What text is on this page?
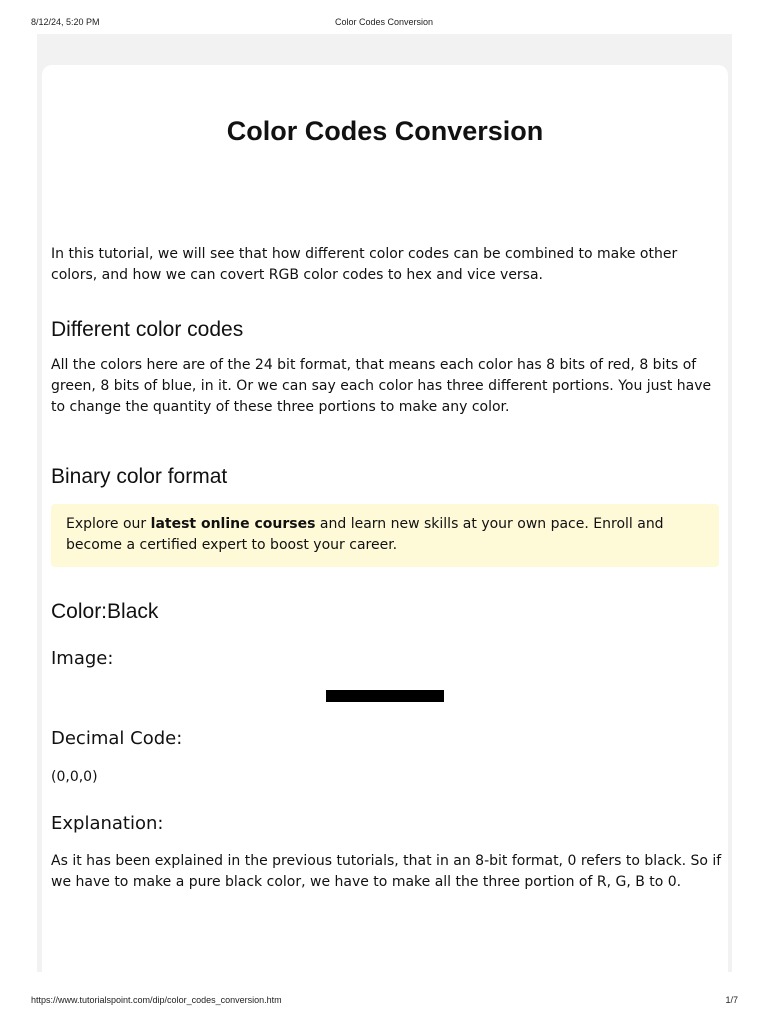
8/12/24, 5:20 PM	Color Codes Conversion
Color Codes Conversion

In this tutorial, we will see that how different color codes can be combined to make other colors, and how we can covert RGB color codes to hex and vice versa.

Different color codes

All the colors here are of the 24 bit format, that means each color has 8 bits of red, 8 bits of green, 8 bits of blue, in it. Or we can say each color has three different portions. You just have to change the quantity of these three portions to make any color.

Binary color format
Explore our latest online courses and learn new skills at your own pace. Enroll and become a certified expert to boost your career.
Color:Black
Image:
Decimal Code:

(0,0,0)

Explanation:

As it has been explained in the previous tutorials, that in an 8-bit format, 0 refers to black. So if we have to make a pure black color, we have to make all the three portion of R, G, B to 0.

https://www.tutorialspoint.com/dip/color_codes_conversion.htm	1/7
